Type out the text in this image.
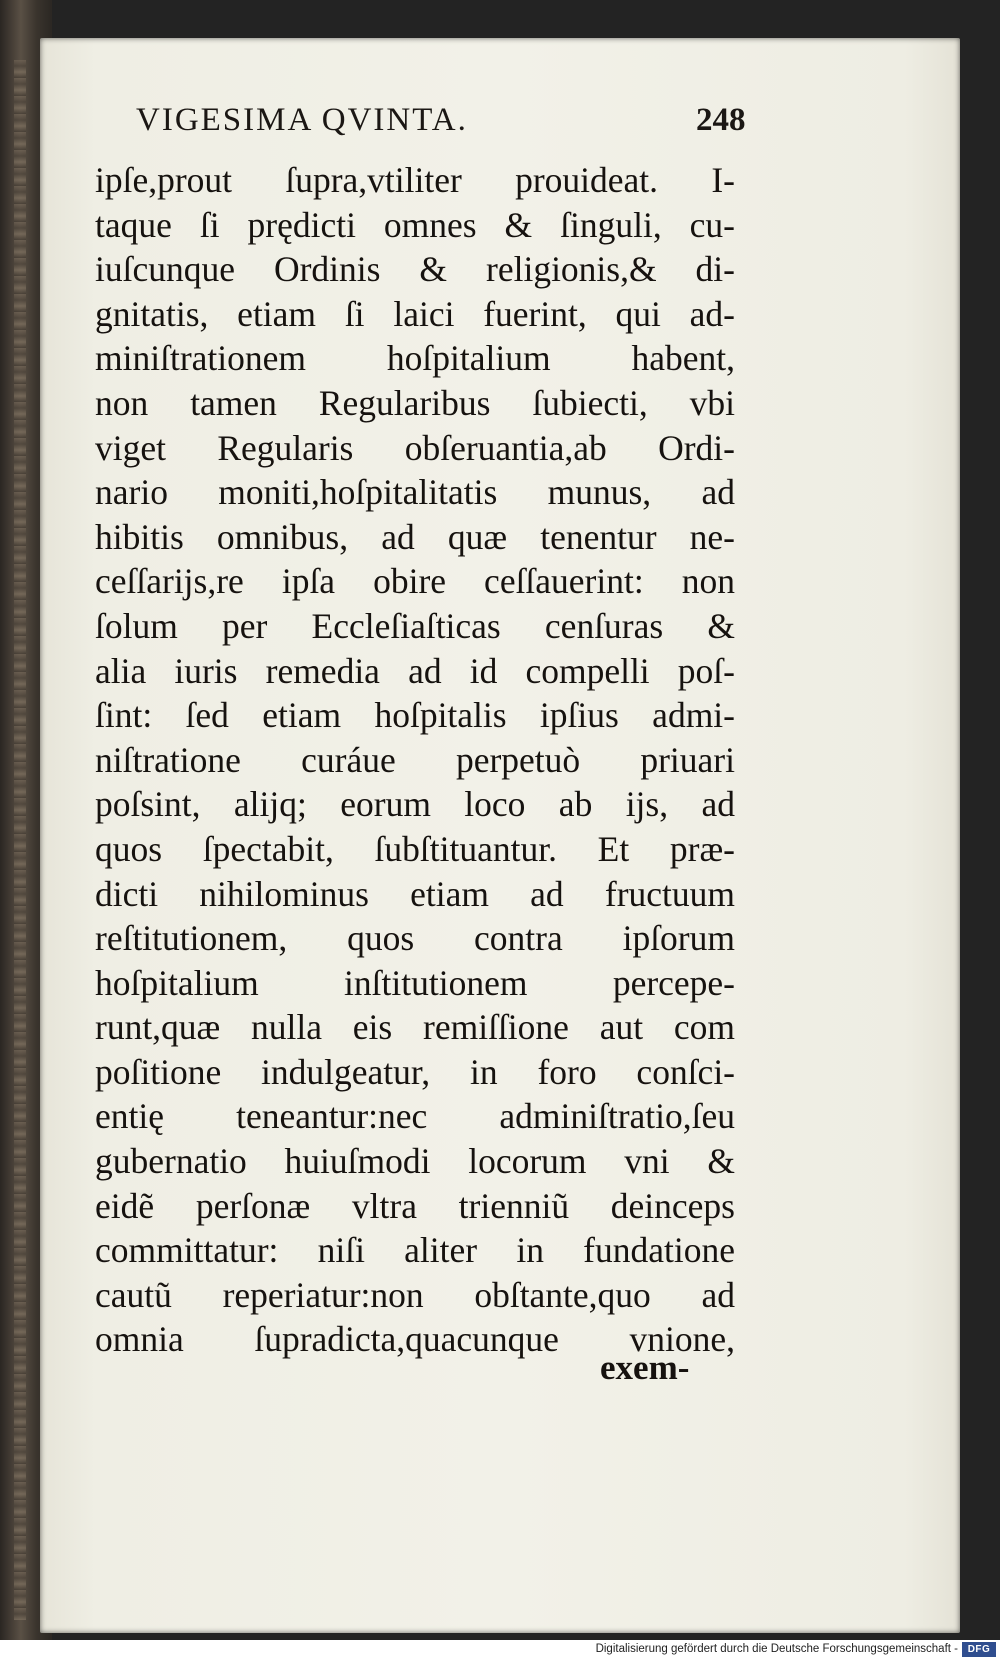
VIGESIMA QVINTA.	248
ipſe,prout ſupra,vtiliter prouideat. I-
taque ſi prędicti omnes & ſinguli, cu-
iuſcunque Ordinis & religionis,& di-
gnitatis, etiam ſi laici fuerint, qui ad-
miniſtrationem hoſpitalium habent,
non tamen Regularibus ſubiecti, vbi
viget Regularis obſeruantia,ab Ordi-
nario moniti,hoſpitalitatis munus, ad
hibitis omnibus, ad quæ tenentur ne-
ceſſarijs,re ipſa obire ceſſauerint: non
ſolum per Eccleſiaſticas cenſuras &
alia iuris remedia ad id compelli poſ-
ſint: ſed etiam hoſpitalis ipſius admi-
niſtratione curáue perpetuò priuari
poſsint, alijq; eorum loco ab ijs, ad
quos ſpectabit, ſubſtituantur. Et præ-
dicti nihilominus etiam ad fructuum
reſtitutionem, quos contra ipſorum
hoſpitalium inſtitutionem percepe-
runt,quæ nulla eis remiſſione aut com
poſitione indulgeatur, in foro conſci-
entię teneantur:nec adminiſtratio,ſeu
gubernatio huiuſmodi locorum vni &
eidẽ perſonæ vltra trienniũ deinceps
committatur: niſi aliter in fundatione
cautũ reperiatur:non obſtante,quo ad
omnia ſupradicta,quacunque vnione,
exem-
Digitalisierung gefördert durch die Deutsche Forschungsgemeinschaft - DFG
